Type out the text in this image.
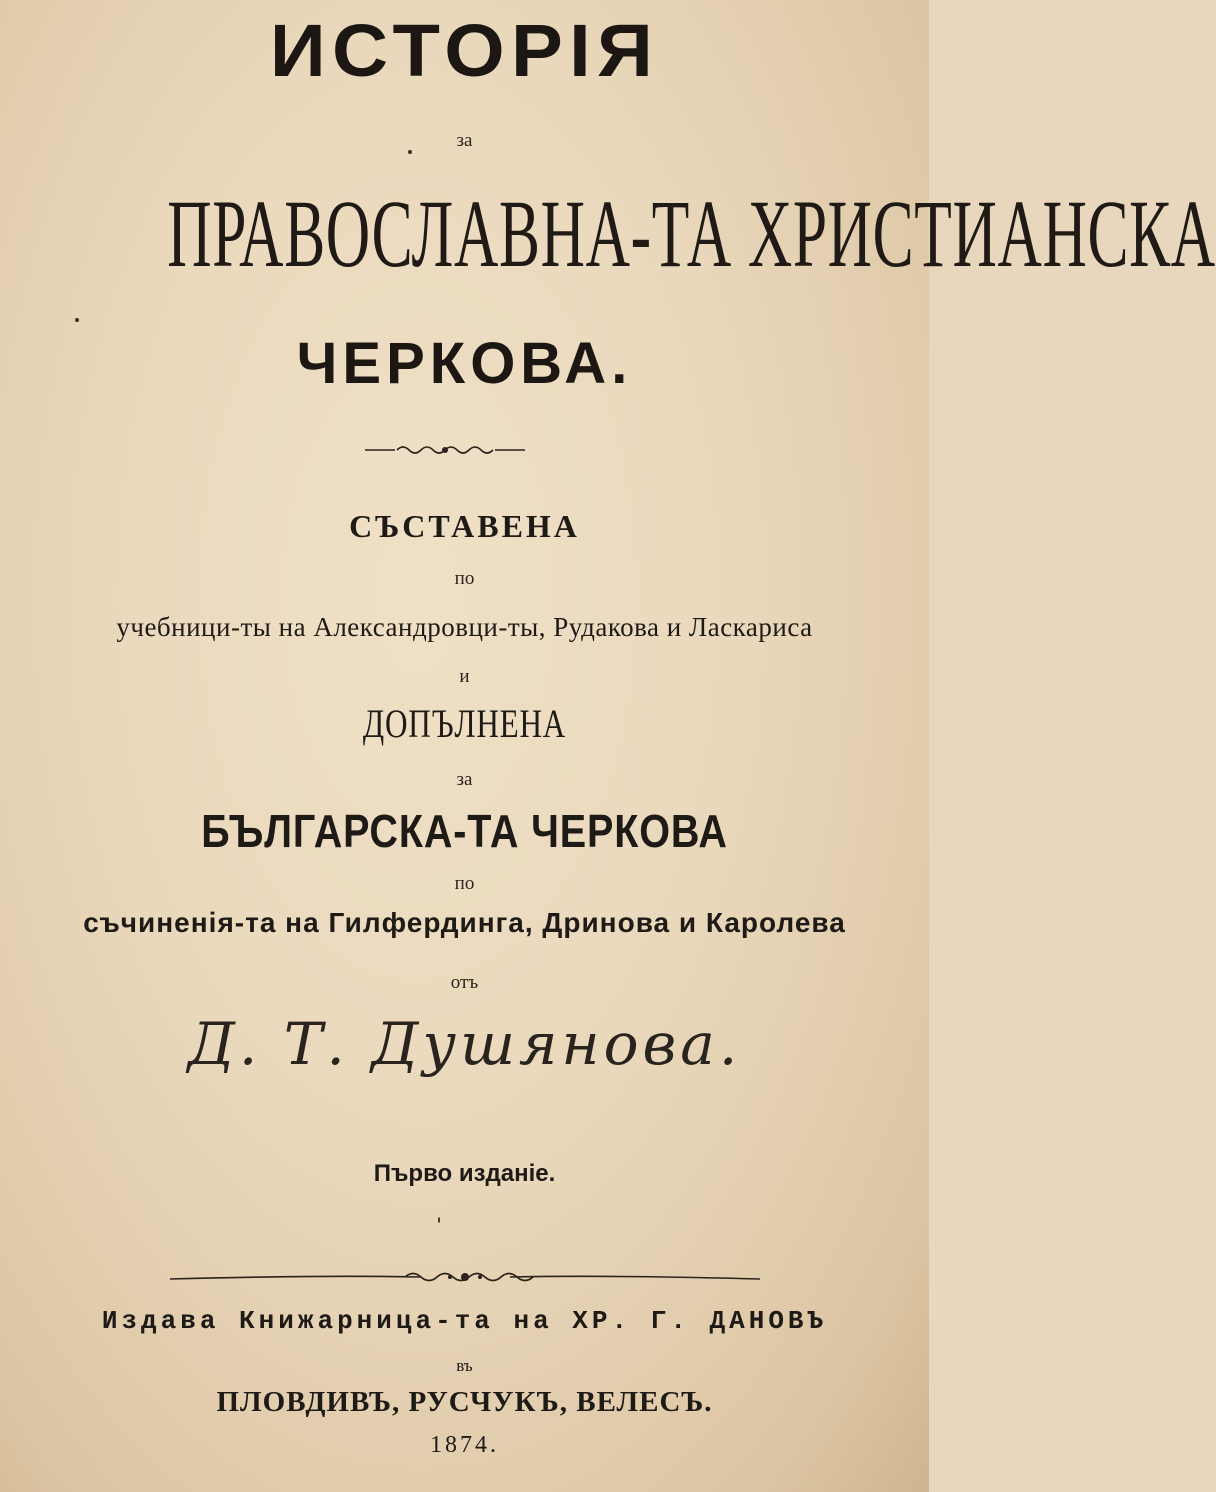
ИСТОРІЯ
за
ПРАВОСЛАВНА-ТА ХРИСТИАНСКА
ЧЕРКОВА.
СЪСТАВЕНА
по
учебници-ты на Александровци-ты, Рудакова и Ласкариса
и
ДОПЪЛНЕНА
за
БЪЛГАРСКА-ТА ЧЕРКОВА
по
съчиненія-та на Гилфердинга, Дринова и Каролева
отъ
Д. Т. Душянова.
Първо изданіе.
Издава Книжарница-та на ХР. Г. ДАНОВЪ
въ
ПЛОВДИВЪ, РУСЧУКЪ, ВЕЛЕСЪ.
1874.
